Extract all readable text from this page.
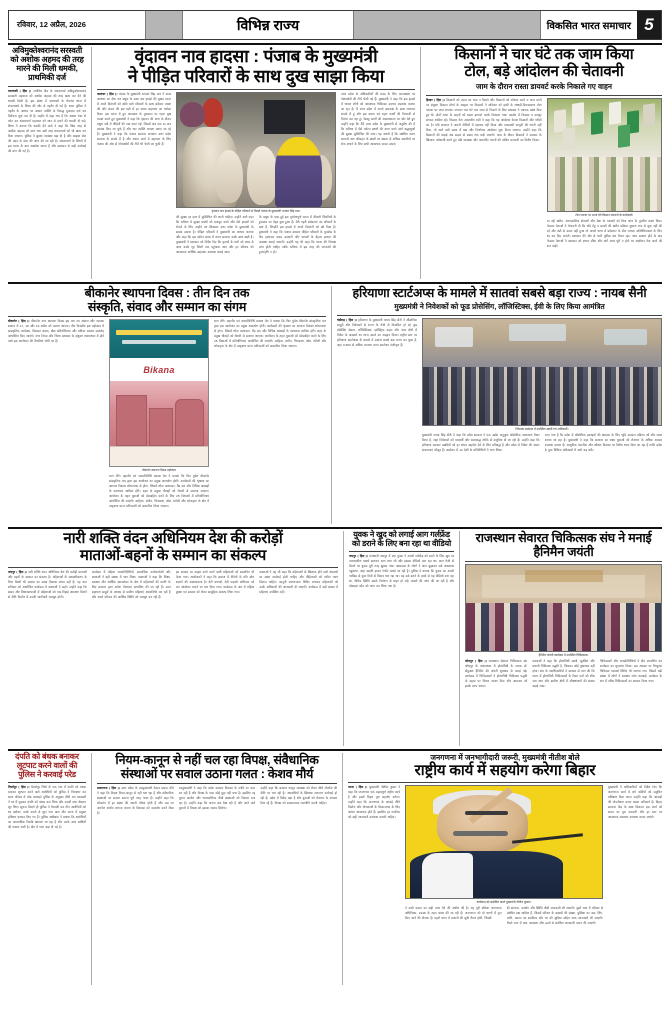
रविवार, 12 अप्रैल, 2026	विभिन्न राज्य	विकसित भारत समाचार 5
अविमुक्तेश्वरानंद सरस्वती को अशोक अहमद की तरह मारने की मिली धमकी, प्राथमिकी दर्ज
वाराणसी ( हिंस )। ज्योतिष पीठ के शंकराचार्य अविमुक्तेश्वरानंद सरस्वती महाराज को अशोक अहमद की तरह खत्म कर देने की धमकी मिली है। इस संबंध में वाराणसी के चेतगंज थाना में शंकराचार्य के शिष्य की ओर से तहरीर दी गई है। थाना पुलिस ने तहरीर के आधार पर अज्ञात व्यक्ति के विरुद्ध मुकदमा दर्ज कर विवेचना शुरू कर दी है। तहरीर में कहा गया है कि अज्ञात नंबर से फोन कर शंकराचार्य महाराज को जान से मारने की धमकी दी गई। शिष्य ने बताया कि धमकी देने वाले ने कहा कि जिस तरह से अशोक अहमद को मारा गया उसी तरह शंकराचार्य को भी खत्म कर दिया जाएगा। पुलिस ने सुरक्षा व्यवस्था बढ़ा दी है और साइबर सेल की मदद से नंबर की जांच की जा रही है। शंकराचार्य के शिष्यों में इस घटना के बाद आक्रोश व्याप्त है और प्रशासन से कड़ी कार्रवाई की मांग की गई है।
वृंदावन नाव हादसा : पंजाब के मुख्यमंत्री
ने पीड़ित परिवारों के साथ दुख साझा किया
जालंधर ( हिंस )। पंजाब के मुख्यमंत्री भगवंत सिंह मान ने आज जालंधर का दौरा कर मथुरा के साथ नाव हादसे की दुखद घटना में अपने दिवंगतों को खोने वाले परिवारों के साथ संवेदना व्यक्त की और संकट की इस घड़ी में हर संभव सहायता का भरोसा दिया। इस घटना में हुए जानमाल के नुकसान पर गहरा दुख व्यक्त करते हुए मुख्यमंत्री ने कहा कि वृंदावन की यात्रा के दौरान मथुरा नदी में पीड़ितों की नाव पलट गई, जिसमें अब तक 11 शव बरामद किए जा चुके हैं और चार व्यक्ति लापता बताए जा रहे हैं। मुख्यमंत्री ने कहा कि पंजाब सरकार लगातार उत्तर प्रदेश सरकार के संपर्क में है और बचाव कार्य में सहायता के लिए पंजाब की ओर से गोताखोरों की टीमें भी भेजी जा चुकी हैं।
वृंदावन नाव हादसे के पीड़ित परिवारों से मिलते पंजाब के मुख्यमंत्री भगवंत सिंह मान।
की सुरक्षा हर हाल में सुनिश्चित की जानी चाहिए। उन्होंने आगे कहा कि भविष्य में सुरक्षा प्रबंधों को मजबूत करने और ऐसे हादसों को रोकने के लिए उन्होंने पत्र लिखकर उत्तर प्रदेश के मुख्यमंत्री के समक्ष उठाया है। पीड़ित परिवारों ने मुख्यमंत्री का आभार जताया और कहा कि इस कठिन समय में राज्य सरकार उनके साथ खड़ी है। मुख्यमंत्री ने प्रशासन को निर्देश दिए कि मृतकों के शवों को जल्द से जल्द उनके गृह जिलों तक पहुंचाया जाए और हर परिवार को आवश्यक आर्थिक सहायता उपलब्ध कराई जाए।
कि मथुरा के पास हुई इस दुर्भाग्यपूर्ण घटना में कीमती जिंदगियों के नुकसान पर बेहद दुख हुआ है। मेरी गहरी संवेदनाएं उन परिवारों के साथ हैं, जिन्होंने इस हादसे में अपने दिवंगतों को खो दिया है। मुख्यमंत्री ने कहा कि पंजाब सरकार पीड़ित परिवारों के पुनर्वास के लिए हरसंभव कदम उठाएगी और घायलों के बेहतर इलाज की व्यवस्था कराई जाएगी। उन्होंने यह भी कहा कि घटना की निष्पक्ष जांच होनी चाहिए ताकि भविष्य में इस तरह की घटनाओं की पुनरावृत्ति न हो।
उत्तर प्रदेश के अधिकारियों की मदद के लिए घटनास्थल पर गोताखोरों की टीमें भेजी गई हैं। मुख्यमंत्री ने कहा कि इस हादसे में घायल लोगों को आवश्यक चिकित्सा उपचार उपलब्ध कराया जा रहा है। मैं उत्तर प्रदेश में अपने समकक्ष के साथ लगातार संपर्क में हूं और इस बचाव एवं राहत कार्यों की निगरानी से निरंतर कर रहा हूं। रेस्क्यू कार्यों की आवश्यकता पर जोर देते हुए उन्होंने कहा कि मैंने उत्तर प्रदेश के मुख्यमंत्री से अनुरोध की है कि भविष्य में ऐसे पर्यटन स्थलों की यात्रा करने वाले श्रद्धालुओं की सुरक्षा सुनिश्चित की जाए। यह जरूरी है कि संबंधित राज्य सरकारें जल परिवहन के स्थलों पर क्षमता से अधिक सवारियों पर रोक लगाने के लिए सभी आवश्यक कदम उठाएं।
किसानों ने चार घंटे तक जाम किया
टोल, बड़े आंदोलन की चेतावनी
जाम के दौरान रास्ता डायवर्ट करके निकाले गए वाहन
हिसार ( हिंस )। किसानों को उपज का भाव न मिलने और किसानों को परेशान करने व अन्य मांगों पर संयुक्त किसान मोर्चा के आह्वान पर किसानों ने शनिवार को हांसी के लांधड़ी-विकासनगर टोल प्लाजा पर जाम लगाया। लगभग चार घंटे तक जाम से निपटने के लिए प्रशासन ने व्यापक प्रबंध किए हुए थे। दोनों तरफ के वाहनों को रास्ता डायवर्ट करके निकाला गया। प्रदर्शन में किसान व मजदूर संगठन शामिल रहे। किसान नेता अमरजीत राठी ने कहा कि यह आंदोलन केवल किसानों और गरीबों का है। यदि सरकार ने अपनी नीतियों में बदलाव नहीं किया और एमएसपी कानूनी की गारंटी नहीं दिया, तो आने वाले समय में बड़ा और निर्णायक आंदोलन शुरू किया जाएगा। उन्होंने कहा कि किसानों की लड़ाई अब सड़क से संसद तक लड़ी जाएगी। जाम के दौरान किसानों ने सरकार के खिलाफ नारेबाजी करते हुए मंडी व्यवस्था और कारपोरेट घरानों की कथित मनमानी का विरोध किया।
टोल प्लाजा पर धरना देते किसान संगठनों के कार्यकर्ता।
जा रही खरीद, अल्पकालिक सेवाओं और सेवा के चालकों को बिना जांच के गुजरित रास्ता दिया। किसान नेताओं ने चेतावनी दी कि यदि गेहूं व सरसों की खरीद प्रक्रिया सुचारू रूप से शुरू नहीं की गई और मंडी से उठान नहीं हुआ तो अगले चरण में प्रदेशभर के टोल प्लाजा अनिश्चितकाल के लिए बंद कर दिए जाएंगे। प्रशासन की ओर से भारी पुलिस बल तैनात रहा। जाम समाप्त होने के बाद किसान नेताओं ने प्रशासन को ज्ञापन सौंपा और मांगें जल्द पूरी न होने पर आंदोलन तेज करने की बात कही।
बीकानेर स्थापना दिवस : तीन दिन तक
संस्कृति, संवाद और सम्मान का संगम
बीकानेर ( हिंस )। बीकानेर नगर स्थापना दिवस इस बार नए अंदाज और व्यापक स्वरूप में 17, 18 और 19 अप्रैल को मनाया जाएगा। तीन दिवसीय इस महोत्सव में सांस्कृतिक कार्यक्रम, विरासत संवाद, खेल प्रतियोगिताएं और प्रतिभा सम्मान समारोह आयोजित किए जाएंगे। नगर निगम और जिला प्रशासन के संयुक्त तत्वावधान में होने वाले इस आयोजन की तैयारियां जोरों पर हैं।
Bikana
बीकानेर स्थापना दिवस महोत्सव
भाग लेंगे। महापौर एवं जनप्रतिनिधि प्रकाश मेघ ने बताया कि फिर पुनेश बीकानेर सांस्कृतिक मंच द्वारा इस आयोजन का प्रमुख आकर्षण होगी। कार्यक्रमों की शृंखला का आगाज विशाल शोभायात्रा से होगा, जिसमें लोक कलाकार, बैंड दल और विभिन्न अखाड़ों के कलाकार शामिल होंगे। शहर के प्रमुख चौराहों को रोशनी से सजाया जाएगा। आयोजन के तहत युवाओं को प्रोत्साहित करने के लिए 25 विधाओं में प्रतियोगिताएं आयोजित की जाएंगी। साहित्य, संगीत, चित्रकला, खेल, रंगोली और लोकनृत्य के क्षेत्र में उत्कृष्टता प्राप्त प्रतिभाओं को सम्मानित किया जाएगा।
भाग लेंगे। महापौर एवं जनप्रतिनिधि प्रकाश मेघ ने बताया कि फिर पुनेश बीकानेर सांस्कृतिक मंच द्वारा इस आयोजन का प्रमुख आकर्षण होगी। कार्यक्रमों की शृंखला का आगाज विशाल शोभायात्रा से होगा, जिसमें लोक कलाकार, बैंड दल और विभिन्न अखाड़ों के कलाकार शामिल होंगे। शहर के प्रमुख चौराहों को रोशनी से सजाया जाएगा। आयोजन के तहत युवाओं को प्रोत्साहित करने के लिए 25 विधाओं में प्रतियोगिताएं आयोजित की जाएंगी। साहित्य, संगीत, चित्रकला, खेल, रंगोली और लोकनृत्य के क्षेत्र में उत्कृष्टता प्राप्त प्रतिभाओं को सम्मानित किया जाएगा।
हरियाणा स्टार्टअप्स के मामले में सातवां सबसे बड़ा राज्य : नायब सैनी
मुख्यमंत्री ने निवेशकों को फूड प्रोसेसिंग, लॉजिस्टिक्स, ईवी के लिए किया आमंत्रित
चंडीगढ़ ( हिंस )। हरियाणा के मुख्यमंत्री नायब सिंह सैनी ने औद्योगिक समूहों और निवेशकों से राज्य के तेजी से विकसित हो रहे फूड प्रोसेसिंग सेक्टर, लॉजिस्टिक्स, इलेक्ट्रिक वाहन और अन्य क्षेत्रों में निवेश के अवसरों का लाभ उठाने का आह्वान किया। राष्ट्रीय स्तर पर हरियाणा स्टार्टअप्स के मामले में सातवां सबसे बड़ा राज्य बन चुका है, जहां 9,500 से अधिक मान्यता प्राप्त स्टार्टअप पंजीकृत हैं।
निवेशक सम्मेलन में उपस्थित उद्यमी एवं अधिकारी।
मुख्यमंत्री नायब सिंह सैनी ने कहा कि प्रदेश सरकार ने एक उद्योग अनुकूल औद्योगिक वातावरण तैयार किया है, जहां निवेशकों को पारदर्शी और समयबद्ध तरीके से मंजूरियां दी जा रही हैं। उन्होंने कहा कि हरियाणा सरकार उद्यमियों को हर संभव सहयोग देने के लिए प्रतिबद्ध है और प्रदेश में निवेश की अपार संभावनाएं मौजूद हैं। सम्मेलन में 12 देशों के प्रतिनिधियों ने भाग लिया।
पाया गया है कि प्रदेश में औद्योगिक इकाइयों की स्थापना के लिए भूमि आवंटन प्रक्रिया को और सरल बनाया जा रहा है। मुख्यमंत्री ने कहा कि सरकार का लक्ष्य युवाओं को रोजगार के अधिक अवसर उपलब्ध कराना है। आधुनिक तकनीक और कौशल विकास पर विशेष ध्यान दिया जा रहा है ताकि प्रदेश के युवा वैश्विक प्रतिस्पर्धा में आगे बढ़ सकें।
नारी शक्ति वंदन अधिनियम देश की करोड़ों
माताओं-बहनों के सम्मान का संकल्प
जयपुर ( हिंस )। नारी शक्ति वंदन अधिनियम देश की करोड़ों माताओं और बहनों के सम्मान का संकल्प है। महिलाओं के सशक्तीकरण के बिना किसी भी समाज का समग्र विकास संभव नहीं है। यह बात शनिवार को आयोजित कार्यक्रम में वक्ताओं ने कही। उन्होंने कहा कि संसद और विधानसभाओं में महिलाओं को एक-तिहाई आरक्षण मिलने से नीति निर्माण में उनकी भागीदारी मजबूत होगी।
कार्यक्रम में महिला जनप्रतिनिधियों, सामाजिक कार्यकर्ताओं और छात्राओं ने बड़ी संख्या में भाग लिया। वक्ताओं ने कहा कि शिक्षा, स्वास्थ्य और आर्थिक स्वावलंबन के क्षेत्र में महिलाओं की प्रगति के लिए सरकार द्वारा अनेक योजनाएं संचालित की जा रही हैं। स्वयं सहायता समूहों के माध्यम से ग्रामीण महिलाएं आत्मनिर्भर बन रही हैं और अपने परिवार की आर्थिक स्थिति को मजबूत कर रही हैं।
इस अवसर पर उत्कृष्ट कार्य करने वाली महिलाओं को सम्मानित भी किया गया। आयोजकों ने कहा कि समाज में बेटियों के प्रति सोच बदलने की आवश्यकता है। बेटी बचाओ, बेटी पढ़ाओ अभियान को जन आंदोलन बनाने पर बल दिया गया। कार्यक्रम के अंत में महिला सुरक्षा एवं सम्मान को लेकर सामूहिक संकल्प लिया गया।
वक्ताओं ने यह भी कहा कि महिलाओं के खिलाफ होने वाले अपराधों पर सख्त कार्रवाई होनी चाहिए और पीड़िताओं को त्वरित न्याय मिलना चाहिए। कानूनी जागरूकता शिविर लगाकर महिलाओं को उनके अधिकारों की जानकारी दी जाएगी। कार्यक्रम में बड़ी संख्या में महिलाएं उपस्थित रहीं।
युवक ने खुद को लगाई आग गर्लफ्रेंड को डराने के लिए बना रहा था वीडियो
जयपुर ( हिंस )। राजधानी जयपुर में एक युवक ने अपनी गर्लफ्रेंड को डराने के लिए खुद पर ज्वलनशील पदार्थ डालकर आग लगा ली और इसका वीडियो बना रहा था। आग तेजी से फैलने पर युवक बुरी तरह झुलस गया। आसपास के लोगों ने आग बुझाकर उसे अस्पताल पहुंचाया, जहां उसकी हालत गंभीर बताई जा रही है। पुलिस ने बताया कि युवक का अपनी गर्लफ्रेंड से कुछ दिनों से विवाद चल रहा था। वह उसे डराने के इरादे से यह वीडियो बना रहा था, लेकिन स्थिति उसके नियंत्रण से बाहर हो गई। मामले की जांच की जा रही है और मोबाइल फोन को जब्त कर लिया गया है।
राजस्थान सेवारत चिकित्सक संघ ने मनाई हैनिमैन जयंती
हैनिमैन जयंती कार्यक्रम में उपस्थित चिकित्सक।
जोधपुर ( हिंस )। राजस्थान सेवारत चिकित्सक संघ जोधपुर के तत्वावधान में होम्योपैथी के जनक डॉ. सैमुअल हैनिमैन की जयंती धूमधाम से मनाई गई। कार्यक्रम में चिकित्सकों ने होम्योपैथी चिकित्सा पद्धति के महत्व पर विचार व्यक्त किए और आमजन को इसके लाभ बताए।
वक्ताओं ने कहा कि होम्योपैथी सस्ती, सुरक्षित और प्रभावी चिकित्सा पद्धति है, जिसका कोई दुष्प्रभाव नहीं होता। संघ के पदाधिकारियों ने सरकार से मांग की कि राज्य में होम्योपैथी चिकित्सकों के रिक्त पदों को शीघ्र भरा जाए और ग्रामीण क्षेत्रों में औषधालयों की संख्या बढ़ाई जाए।
चिकित्सकों और जनप्रतिनिधियों ने दीप प्रज्वलित कर कार्यक्रम का शुभारंभ किया। इस अवसर पर निःशुल्क चिकित्सा परामर्श शिविर भी लगाया गया, जिसमें बड़ी संख्या में लोगों ने स्वास्थ्य जांच करवाई। कार्यक्रम के अंत में वरिष्ठ चिकित्सकों का सम्मान किया गया।
दंपति को बंधक बनाकर
लूटपाट करने वालों की
पुलिस ने करवाई परेड
मिर्जापुर ( हिंस )। मिर्जापुर जिले के एक गांव में दंपति को बंधक बनाकर लूटपाट करने वाले आरोपियों को पुलिस ने गिरफ्तार कर थाना परिसर में परेड करवाई। पुलिस के अनुसार बीती रात बदमाशों ने घर में घुसकर दंपति को बंधक बना लिया और नकदी तथा जेवरात लूट लिए। सूचना मिलते ही पुलिस ने घेराबंदी कर तीन आरोपियों को धर दबोचा। उनके कब्जे से लूटा गया माल और घटना में प्रयुक्त हथियार बरामद किए गए हैं। पुलिस अधीक्षक ने बताया कि आरोपियों का आपराधिक रिकॉर्ड खंगाला जा रहा है और उनके अन्य साथियों की तलाश जारी है। क्षेत्र में गश्त बढ़ा दी गई है।
नियम-कानून से नहीं चल रहा विपक्ष, संवैधानिक
संस्थाओं पर सवाल उठाना गलत : केशव मौर्य
प्रयागराज ( हिंस )। उत्तर प्रदेश के उपमुख्यमंत्री केशव प्रसाद मौर्य ने कहा कि विपक्ष नियम-कानून से नहीं चल रहा है और संवैधानिक संस्थाओं पर सवाल उठाना पूरी तरह गलत है। उन्होंने कहा कि लोकतंत्र में हर संस्था की अपनी गरिमा होती है और उस पर अनर्गल आरोप लगाना जनता के विश्वास को कमजोर करने जैसा है।
उपमुख्यमंत्री ने कहा कि प्रदेश सरकार विकास के एजेंडे पर काम कर रही है और विपक्ष के पास कोई मुद्दा नहीं बचा है। इसलिए वह चुनाव आयोग और न्यायपालिका जैसी संस्थाओं को निशाना बना रहा है। उन्होंने कहा कि जनता सब देख रही है और आने वाले चुनावों में विपक्ष को इसका जवाब मिलेगा।
उन्होंने कहा कि सरकार कानून व्यवस्था को लेकर जीरो टॉलरेंस की नीति पर चल रही है। अपराधियों के खिलाफ लगातार कार्रवाई हो रही है। प्रदेश में निवेश बढ़ा है और युवाओं को रोजगार के अवसर मिल रहे हैं। विपक्ष को सकारात्मक राजनीति करनी चाहिए।
जनगणना में जनभागीदारी जरूरी, मुख्यमंत्री नीतीश बोले
राष्ट्रीय कार्य में सहयोग करेगा बिहार
पटना ( हिंस )। मुख्यमंत्री नीतीश कुमार ने कहा कि जनगणना एक महत्वपूर्ण राष्ट्रीय कार्य है और इसमें बिहार पूरा सहयोग करेगा। उन्होंने कहा कि जनगणना के आंकड़े नीति निर्माण और योजनाओं के क्रियान्वयन के लिए अत्यंत आवश्यक होते हैं। इसलिए हर नागरिक को सही जानकारी उपलब्ध करानी चाहिए।
कार्यक्रम को संबोधित करते मुख्यमंत्री नीतीश कुमार।
ने सभी प्रकार का सही उत्तर देने की अपील की है। यह पूरी प्रक्रिया जनगणना अधिनियम, 1948 के तहत संपन्न की जा रही है। जनगणना को दो चरणों में पूरा किए जाने की योजना है। पहले चरण में मकानों की सूची तैयार होगी, जिसमें
की संरचना, उपयोग और स्थिति जैसी जानकारी ली जाएगी। दूसरे भाग में परिवार से संबंधित प्रश्न शामिल हैं, जिसमें परिवार के सदस्यों की संख्या, मुखिया का नाम, लिंग, जाति, मकान का स्वामित्व और घर की सुविधा सहित अन्य जानकारी ली जाएगी। तीसरे भाग में जल, स्वच्छता और ऊर्जा से संबंधित जानकारी एकत्र की जाएगी।
मुख्यमंत्री ने अधिकारियों को निर्देश दिए कि जनगणना कार्य में लगे कर्मियों को समुचित प्रशिक्षण दिया जाए। उन्होंने कहा कि आंकड़ों की गोपनीयता बनाए रखना अनिवार्य है। बिहार सरकार केंद्र के साथ मिलकर इस कार्य को समय पर पूरा कराएगी और हर स्तर पर आवश्यक संसाधन उपलब्ध कराए जाएंगे।
